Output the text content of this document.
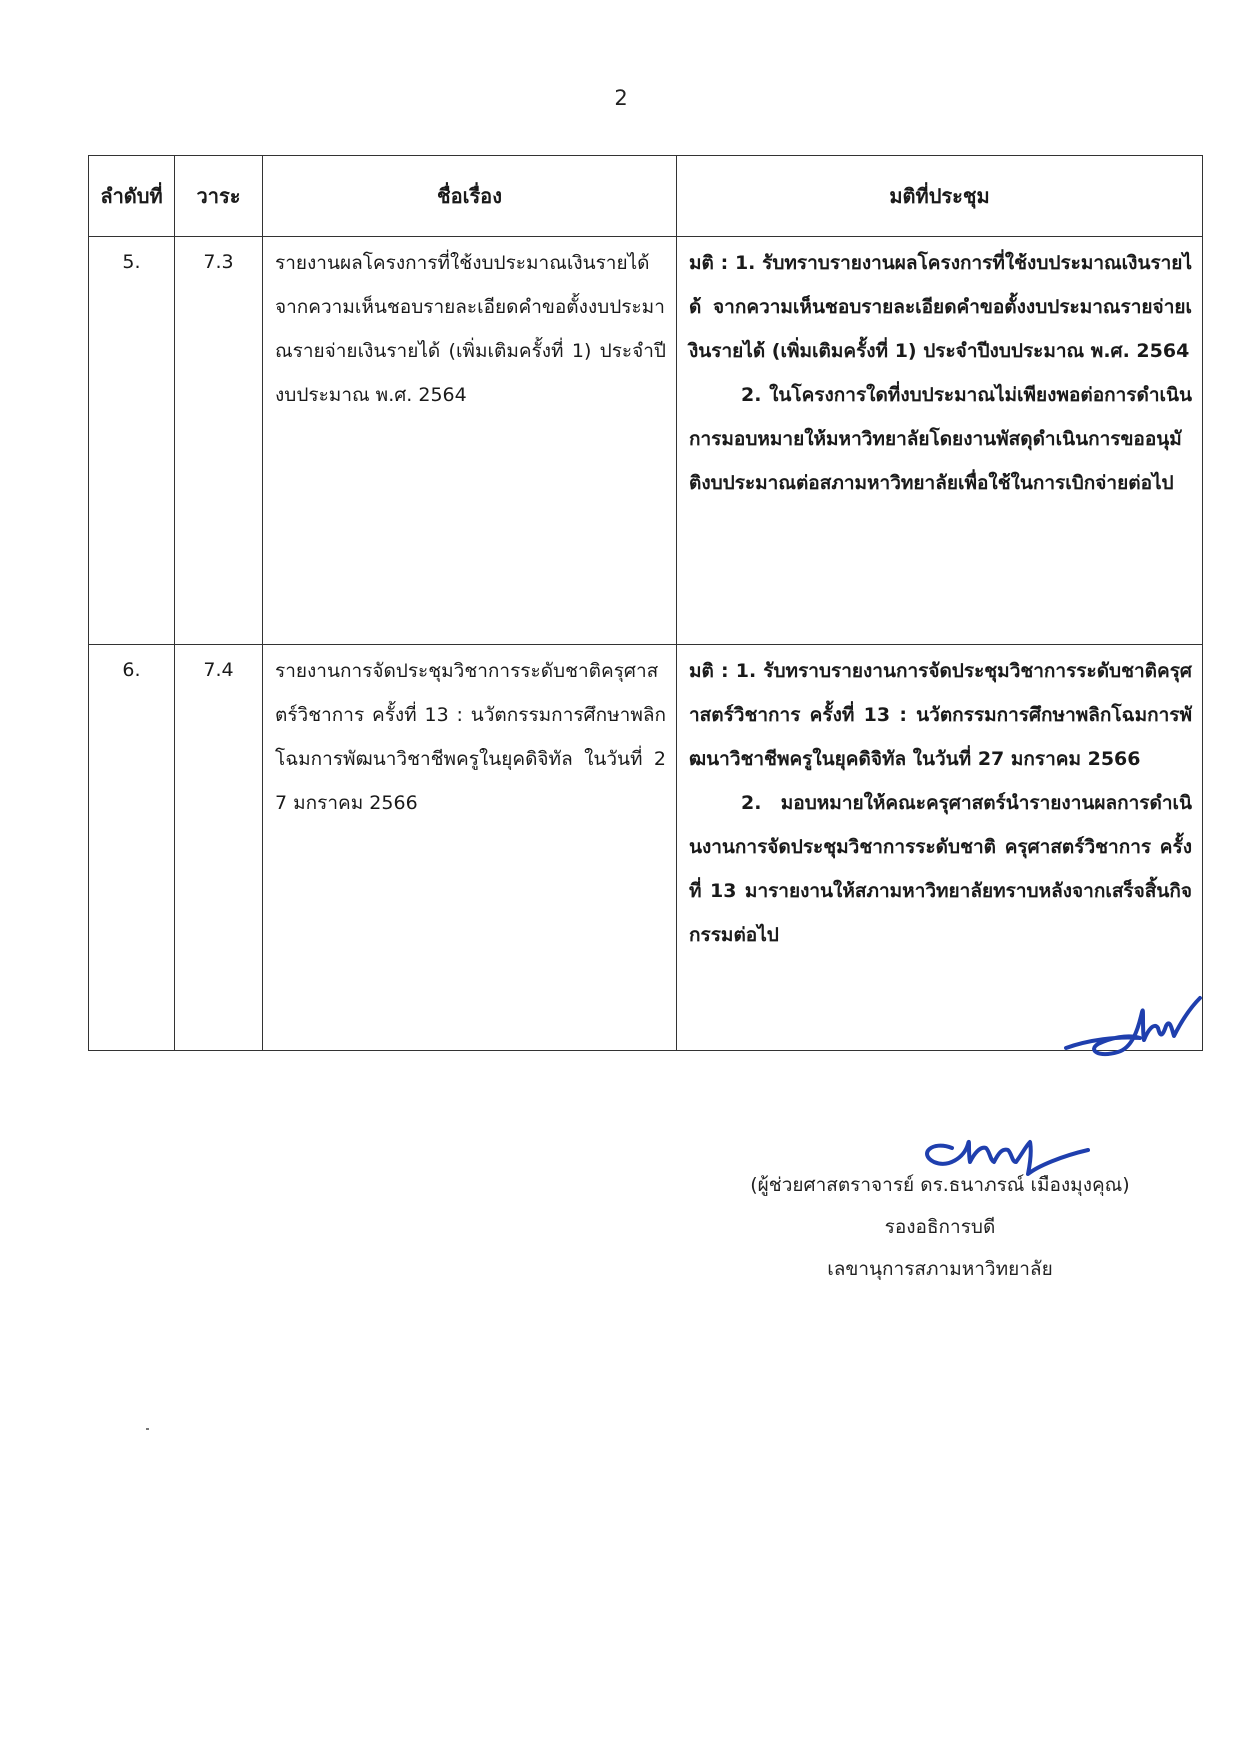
2
ลำดับที่	วาระ	ชื่อเรื่อง	มติที่ประชุม
5.	7.3	รายงานผลโครงการที่ใช้งบประมาณเงินรายได้ จากความเห็นชอบรายละเอียดคำขอตั้งงบประมาณรายจ่ายเงินรายได้ (เพิ่มเติมครั้งที่ 1) ประจำปีงบประมาณ พ.ศ. 2564	มติ : 1. รับทราบรายงานผลโครงการที่ใช้งบประมาณเงินรายได้ จากความเห็นชอบรายละเอียดคำขอตั้งงบประมาณรายจ่ายเงินรายได้ (เพิ่มเติมครั้งที่ 1) ประจำปีงบประมาณ พ.ศ. 2564
2. ในโครงการใดที่งบประมาณไม่เพียงพอต่อการดำเนินการมอบหมายให้มหาวิทยาลัยโดยงานพัสดุดำเนินการขออนุมัติงบประมาณต่อสภามหาวิทยาลัยเพื่อใช้ในการเบิกจ่ายต่อไป

6.	7.4	รายงานการจัดประชุมวิชาการระดับชาติครุศาสตร์วิชาการ ครั้งที่ 13 : นวัตกรรมการศึกษาพลิกโฉมการพัฒนาวิชาชีพครูในยุคดิจิทัล ในวันที่ 27 มกราคม 2566	มติ : 1. รับทราบรายงานการจัดประชุมวิชาการระดับชาติครุศาสตร์วิชาการ ครั้งที่ 13 : นวัตกรรมการศึกษาพลิกโฉมการพัฒนาวิชาชีพครูในยุคดิจิทัล ในวันที่ 27 มกราคม 2566
2. มอบหมายให้คณะครุศาสตร์นำรายงานผลการดำเนินงานการจัดประชุมวิชาการระดับชาติ ครุศาสตร์วิชาการ ครั้งที่ 13 มารายงานให้สภามหาวิทยาลัยทราบหลังจากเสร็จสิ้นกิจกรรมต่อไป
(ผู้ช่วยศาสตราจารย์ ดร.ธนาภรณ์ เมืองมุงคุณ)
รองอธิการบดี
เลขานุการสภามหาวิทยาลัย
